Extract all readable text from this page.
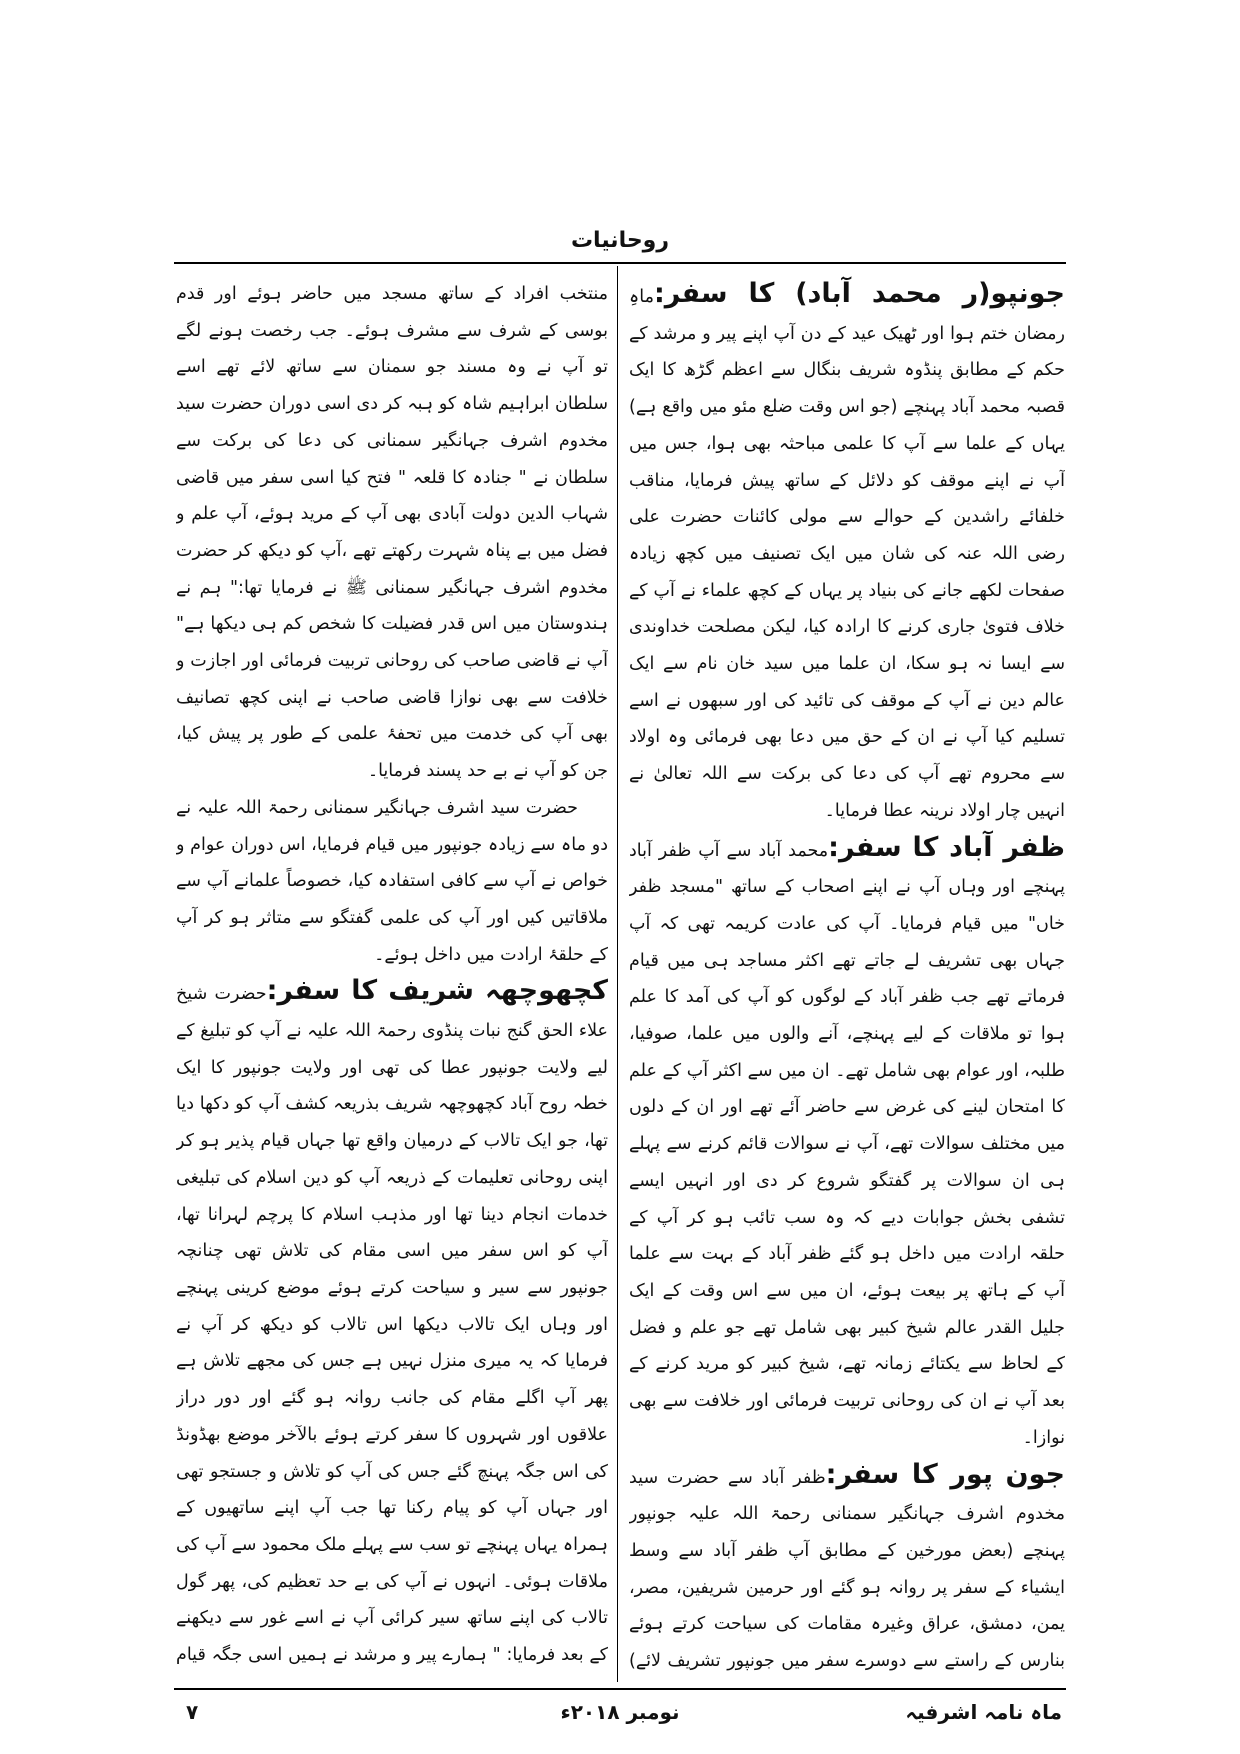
روحانیات

جونپو(ر محمد آباد) کا سفر:ماہِ رمضان ختم ہوا اور ٹھیک عید کے دن آپ اپنے پیر و مرشد کے حکم کے مطابق پنڈوہ شریف بنگال سے اعظم گڑھ کا ایک قصبہ محمد آباد پہنچے (جو اس وقت ضلع مئو میں واقع ہے) یہاں کے علما سے آپ کا علمی مباحثہ بھی ہوا، جس میں آپ نے اپنے موقف کو دلائل کے ساتھ پیش فرمایا، مناقب خلفائے راشدین کے حوالے سے مولی کائنات حضرت علی رضی اللہ عنہ کی شان میں ایک تصنیف میں کچھ زیادہ صفحات لکھے جانے کی بنیاد پر یہاں کے کچھ علماء نے آپ کے خلاف فتویٰ جاری کرنے کا ارادہ کیا، لیکن مصلحت خداوندی سے ایسا نہ ہو سکا، ان علما میں سید خان نام سے ایک عالم دین نے آپ کے موقف کی تائید کی اور سبھوں نے اسے تسلیم کیا آپ نے ان کے حق میں دعا بھی فرمائی وہ اولاد سے محروم تھے آپ کی دعا کی برکت سے اللہ تعالیٰ نے انہیں چار اولاد نرینہ عطا فرمایا۔

ظفر آباد کا سفر:محمد آباد سے آپ ظفر آباد پہنچے اور وہاں آپ نے اپنے اصحاب کے ساتھ "مسجد ظفر خاں" میں قیام فرمایا۔ آپ کی عادت کریمہ تھی کہ آپ جہاں بھی تشریف لے جاتے تھے اکثر مساجد ہی میں قیام فرماتے تھے جب ظفر آباد کے لوگوں کو آپ کی آمد کا علم ہوا تو ملاقات کے لیے پہنچے، آنے والوں میں علما، صوفیا، طلبہ، اور عوام بھی شامل تھے۔ ان میں سے اکثر آپ کے علم کا امتحان لینے کی غرض سے حاضر آئے تھے اور ان کے دلوں میں مختلف سوالات تھے، آپ نے سوالات قائم کرنے سے پہلے ہی ان سوالات پر گفتگو شروع کر دی اور انہیں ایسے تشفی بخش جوابات دیے کہ وہ سب تائب ہو کر آپ کے حلقہ ارادت میں داخل ہو گئے ظفر آباد کے بہت سے علما آپ کے ہاتھ پر بیعت ہوئے، ان میں سے اس وقت کے ایک جلیل القدر عالم شیخ کبیر بھی شامل تھے جو علم و فضل کے لحاظ سے یکتائے زمانہ تھے، شیخ کبیر کو مرید کرنے کے بعد آپ نے ان کی روحانی تربیت فرمائی اور خلافت سے بھی نوازا۔

جون پور کا سفر:ظفر آباد سے حضرت سید مخدوم اشرف جہانگیر سمنانی رحمۃ اللہ علیہ جونپور پہنچے (بعض مورخین کے مطابق آپ ظفر آباد سے وسط ایشیاء کے سفر پر روانہ ہو گئے اور حرمین شریفین، مصر، یمن، دمشق، عراق وغیرہ مقامات کی سیاحت کرتے ہوئے بنارس کے راستے سے دوسرے سفر میں جونپور تشریف لائے)

منتخب افراد کے ساتھ مسجد میں حاضر ہوئے اور قدم بوسی کے شرف سے مشرف ہوئے۔ جب رخصت ہونے لگے تو آپ نے وہ مسند جو سمنان سے ساتھ لائے تھے اسے سلطان ابراہیم شاہ کو ہبہ کر دی اسی دوران حضرت سید مخدوم اشرف جہانگیر سمنانی کی دعا کی برکت سے سلطان نے " جنادہ کا قلعہ " فتح کیا اسی سفر میں قاضی شہاب الدین دولت آبادی بھی آپ کے مرید ہوئے، آپ علم و فضل میں بے پناہ شہرت رکھتے تھے ،آپ کو دیکھ کر حضرت مخدوم اشرف جہانگیر سمنانی ﷺ نے فرمایا تھا:" ہم نے ہندوستان میں اس قدر فضیلت کا شخص کم ہی دیکھا ہے" آپ نے قاضی صاحب کی روحانی تربیت فرمائی اور اجازت و خلافت سے بھی نوازا قاضی صاحب نے اپنی کچھ تصانیف بھی آپ کی خدمت میں تحفۂ علمی کے طور پر پیش کیا، جن کو آپ نے بے حد پسند فرمایا۔

حضرت سید اشرف جہانگیر سمنانی رحمۃ اللہ علیہ نے دو ماہ سے زیادہ جونپور میں قیام فرمایا، اس دوران عوام و خواص نے آپ سے کافی استفادہ کیا، خصوصاً علمانے آپ سے ملاقاتیں کیں اور آپ کی علمی گفتگو سے متاثر ہو کر آپ کے حلقۂ ارادت میں داخل ہوئے۔

کچھوچھہ شریف کا سفر:حضرت شیخ علاء الحق گنج نبات پنڈوی رحمۃ اللہ علیہ نے آپ کو تبلیغ کے لیے ولایت جونپور عطا کی تھی اور ولایت جونپور کا ایک خطہ روح آباد کچھوچھہ شریف بذریعہ کشف آپ کو دکھا دیا تھا، جو ایک تالاب کے درمیان واقع تھا جہاں قیام پذیر ہو کر اپنی روحانی تعلیمات کے ذریعہ آپ کو دین اسلام کی تبلیغی خدمات انجام دینا تھا اور مذہب اسلام کا پرچم لہرانا تھا، آپ کو اس سفر میں اسی مقام کی تلاش تھی چنانچہ جونپور سے سیر و سیاحت کرتے ہوئے موضع کرینی پہنچے اور وہاں ایک تالاب دیکھا اس تالاب کو دیکھ کر آپ نے فرمایا کہ یہ میری منزل نہیں ہے جس کی مجھے تلاش ہے پھر آپ اگلے مقام کی جانب روانہ ہو گئے اور دور دراز علاقوں اور شہروں کا سفر کرتے ہوئے بالآخر موضع بھڈونڈ کی اس جگہ پہنچ گئے جس کی آپ کو تلاش و جستجو تھی اور جہاں آپ کو پیام رکنا تھا جب آپ اپنے ساتھیوں کے ہمراہ یہاں پہنچے تو سب سے پہلے ملک محمود سے آپ کی ملاقات ہوئی۔ انہوں نے آپ کی بے حد تعظیم کی، پھر گول تالاب کی اپنے ساتھ سیر کرائی آپ نے اسے غور سے دیکھنے کے بعد فرمایا: " ہمارے پیر و مرشد نے ہمیں اسی جگہ قیام

۷	نومبر ۲۰۱۸ء	ماہ نامہ اشرفیہ
